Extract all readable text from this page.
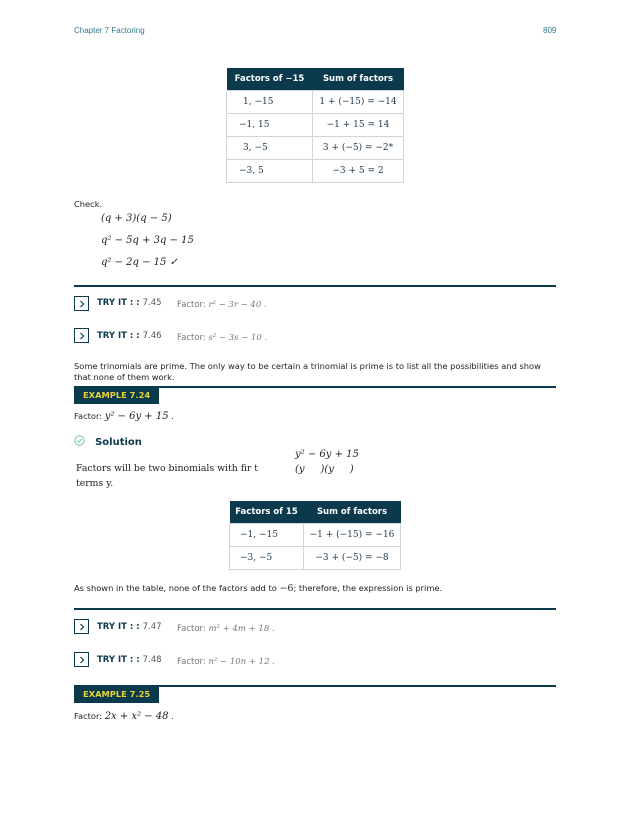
Chapter 7 Factoring	809
Factors of −15	Sum of factors
1, −15	1 + (−15) = −14
−1, 15	−1 + 15 = 14
3, −5	3 + (−5) = −2*
−3, 5	−3 + 5 = 2
Check.
(q + 3)(q − 5)
q² − 5q + 3q − 15
q² − 2q − 15 ✓
TRY IT : : 7.45 Factor: r² − 3r − 40 .
TRY IT : : 7.46 Factor: s² − 3s − 10 .
Some trinomials are prime. The only way to be certain a trinomial is prime is to list all the possibilities and show that none of them work.
EXAMPLE 7.24
Factor: y² − 6y + 15 .
Solution
Factors will be two binomials with fir t
terms y.
y² − 6y + 15
(y     )(y     )
Factors of 15	Sum of factors
−1, −15	−1 + (−15) = −16
−3, −5	−3 + (−5) = −8
As shown in the table, none of the factors add to −6; therefore, the expression is prime.
TRY IT : : 7.47 Factor: m² + 4m + 18 .
TRY IT : : 7.48 Factor: n² − 10n + 12 .
EXAMPLE 7.25
Factor: 2x + x² − 48 .
